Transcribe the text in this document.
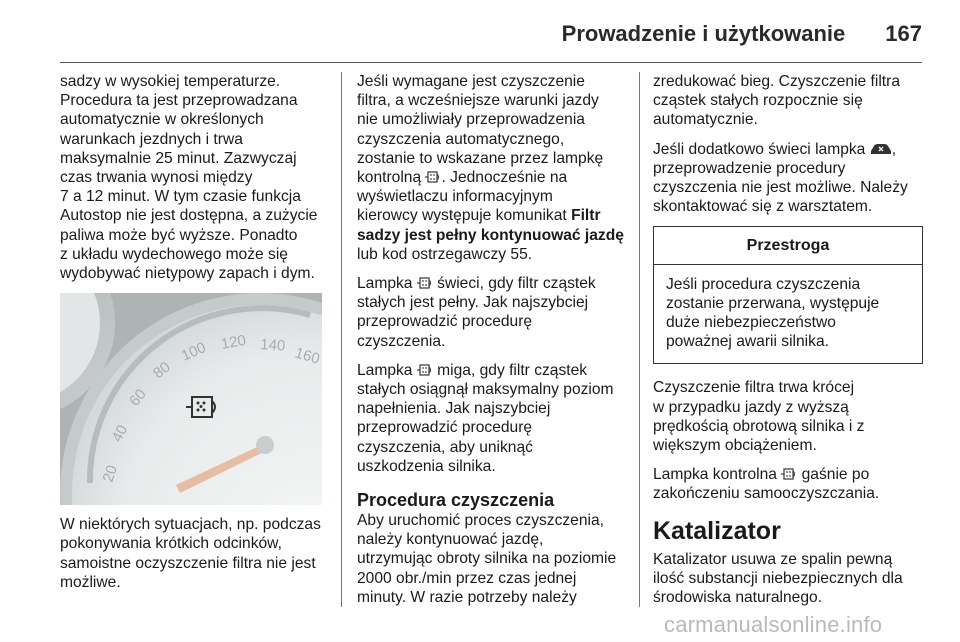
Prowadzenie i użytkowanie 167

sadzy w wysokiej temperaturze.
Procedura ta jest przeprowadzana
automatycznie w określonych
warunkach jezdnych i trwa
maksymalnie 25 minut. Zazwyczaj
czas trwania wynosi między
7 a 12 minut. W tym czasie funkcja
Autostop nie jest dostępna, a zużycie
paliwa może być wyższe. Ponadto
z układu wydechowego może się
wydobywać nietypowy zapach i dym.

20
40
60
80
100 120 140 160

W niektórych sytuacjach, np. podczas
pokonywania krótkich odcinków,
samoistne oczyszczenie filtra nie jest
możliwe.

Jeśli wymagane jest czyszczenie
filtra, a wcześniejsze warunki jazdy
nie umożliwiały przeprowadzenia
czyszczenia automatycznego,
zostanie to wskazane przez lampkę
kontrolną . Jednocześnie na
wyświetlaczu informacyjnym
kierowcy występuje komunikat Filtr
sadzy jest pełny kontynuować jazdę
lub kod ostrzegawczy 55.

Lampka  świeci, gdy filtr cząstek
stałych jest pełny. Jak najszybciej
przeprowadzić procedurę
czyszczenia.

Lampka  miga, gdy filtr cząstek
stałych osiągnął maksymalny poziom
napełnienia. Jak najszybciej
przeprowadzić procedurę
czyszczenia, aby uniknąć
uszkodzenia silnika.

Procedura czyszczenia

Aby uruchomić proces czyszczenia,
należy kontynuować jazdę,
utrzymując obroty silnika na poziomie
2000 obr./min przez czas jednej
minuty. W razie potrzeby należy

zredukować bieg. Czyszczenie filtra
cząstek stałych rozpocznie się
automatycznie.

Jeśli dodatkowo świeci lampka ,
przeprowadzenie procedury
czyszczenia nie jest możliwe. Należy
skontaktować się z warsztatem.

Przestroga
Jeśli procedura czyszczenia
zostanie przerwana, występuje
duże niebezpieczeństwo
poważnej awarii silnika.

Czyszczenie filtra trwa krócej
w przypadku jazdy z wyższą
prędkością obrotową silnika i z
większym obciążeniem.

Lampka kontrolna  gaśnie po
zakończeniu samooczyszczania.

Katalizator

Katalizator usuwa ze spalin pewną
ilość substancji niebezpiecznych dla
środowiska naturalnego.

carmanualsonline.info
